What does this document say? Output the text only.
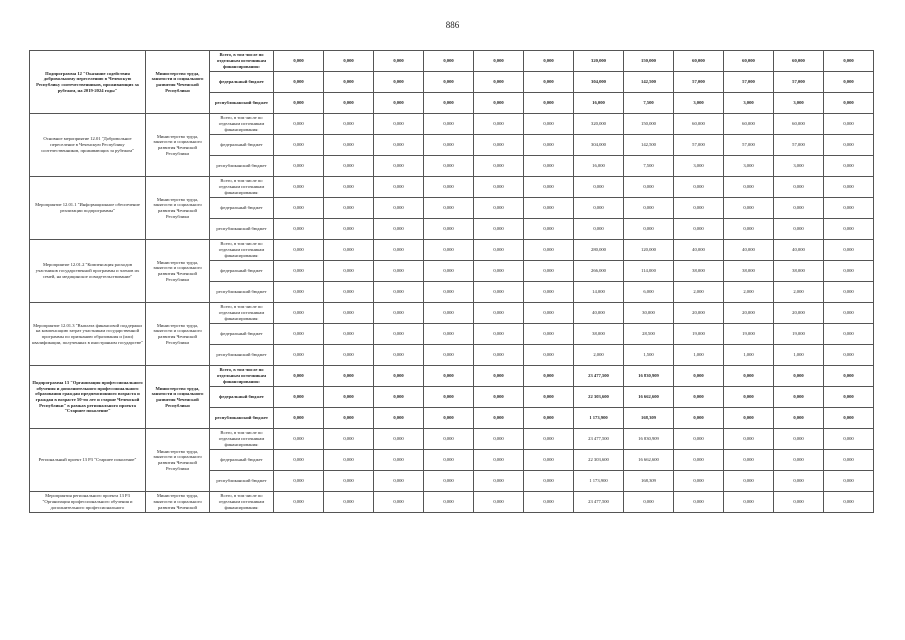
886
Подпрограмма 12 "Оказание содействия добровольному переселению в Чеченскую Республику соотечественников, проживающих за рубежом, на 2019-2024 годы"	Министерство труда, занятости и социального развития Чеченской Республики	Всего, в том числе по отдельным источникам финансирования:	0,000	0,000	0,000	0,000	0,000	0,000	320,000	150,000	60,000	60,000	60,000	0,000
		федеральный бюджет	0,000	0,000	0,000	0,000	0,000	0,000	304,000	142,500	57,000	57,000	57,000	0,000
		республиканский бюджет	0,000	0,000	0,000	0,000	0,000	0,000	16,000	7,500	3,000	3,000	3,000	0,000
Основное мероприятие 12.01 "Добровольное переселение в Чеченскую Республику соотечественников, проживающих за рубежом"	Министерство труда, занятости и социального развития Чеченской Республики	Всего, в том числе по отдельным источникам финансирования:	0,000	0,000	0,000	0,000	0,000	0,000	320,000	150,000	60,000	60,000	60,000	0,000
		федеральный бюджет	0,000	0,000	0,000	0,000	0,000	0,000	304,000	142,500	57,000	57,000	57,000	0,000
		республиканский бюджет	0,000	0,000	0,000	0,000	0,000	0,000	16,000	7,500	3,000	3,000	3,000	0,000
Мероприятие 12.01.1 "Информационное обеспечение реализации подпрограммы"	Министерство труда, занятости и социального развития Чеченской Республики	Всего, в том числе по отдельным источникам финансирования:	0,000	0,000	0,000	0,000	0,000	0,000	0,000	0,000	0,000	0,000	0,000	0,000
		федеральный бюджет	0,000	0,000	0,000	0,000	0,000	0,000	0,000	0,000	0,000	0,000	0,000	0,000
		республиканский бюджет	0,000	0,000	0,000	0,000	0,000	0,000	0,000	0,000	0,000	0,000	0,000	0,000
Мероприятие 12.01.2 "Компенсация расходов участников государственной программы и членов их семей, на медицинское освидетельствование"	Министерство труда, занятости и социального развития Чеченской Республики	Всего, в том числе по отдельным источникам финансирования:	0,000	0,000	0,000	0,000	0,000	0,000	280,000	120,000	40,000	40,000	40,000	0,000
		федеральный бюджет	0,000	0,000	0,000	0,000	0,000	0,000	266,000	114,000	38,000	38,000	38,000	0,000
		республиканский бюджет	0,000	0,000	0,000	0,000	0,000	0,000	14,000	6,000	2,000	2,000	2,000	0,000
Мероприятие 12.01.3 "Выплата финансовой поддержки на компенсацию затрат участникам государственной программы по признанию образования и (или) квалификации, полученных в иностранном государстве"	Министерство труда, занятости и социального развития Чеченской Республики	Всего, в том числе по отдельным источникам финансирования:	0,000	0,000	0,000	0,000	0,000	0,000	40,000	30,000	20,000	20,000	20,000	0,000
		федеральный бюджет	0,000	0,000	0,000	0,000	0,000	0,000	38,000	28,500	19,000	19,000	19,000	0,000
		республиканский бюджет	0,000	0,000	0,000	0,000	0,000	0,000	2,000	1,500	1,000	1,000	1,000	0,000
Подпрограмма 13 "Организация профессионального обучения и дополнительного профессионального образования граждан предпенсионного возраста и граждан в возрасте 50-ти лет и старше Чеченской Республики" в рамках регионального проекта "Старшее поколение"	Министерство труда, занятости и социального развития Чеченской Республики	Всего, в том числе по отдельным источникам финансирования:	0,000	0,000	0,000	0,000	0,000	0,000	23 477,500	16 830,909	0,000	0,000	0,000	0,000
		федеральный бюджет	0,000	0,000	0,000	0,000	0,000	0,000	22 303,600	16 662,600	0,000	0,000	0,000	0,000
		республиканский бюджет	0,000	0,000	0,000	0,000	0,000	0,000	1 173,900	168,309	0,000	0,000	0,000	0,000
Региональный проект 13 Р3 "Старшее поколение"	Министерство труда, занятости и социального развития Чеченской Республики	Всего, в том числе по отдельным источникам финансирования:	0,000	0,000	0,000	0,000	0,000	0,000	23 477,500	16 830,909	0,000	0,000	0,000	0,000
		федеральный бюджет	0,000	0,000	0,000	0,000	0,000	0,000	22 303,600	16 662,600	0,000	0,000	0,000	0,000
		республиканский бюджет	0,000	0,000	0,000	0,000	0,000	0,000	1 173,900	168,309	0,000	0,000	0,000	0,000
Мероприятия регионального проекта 13 Р3 "Организация профессионального обучения и дополнительного профессионального	Министерство труда, занятости и социального развития Чеченской	Всего, в том числе по отдельным источникам финансирования:	0,000	0,000	0,000	0,000	0,000	0,000	23 477,500	0,000	0,000	0,000	0,000	0,000
